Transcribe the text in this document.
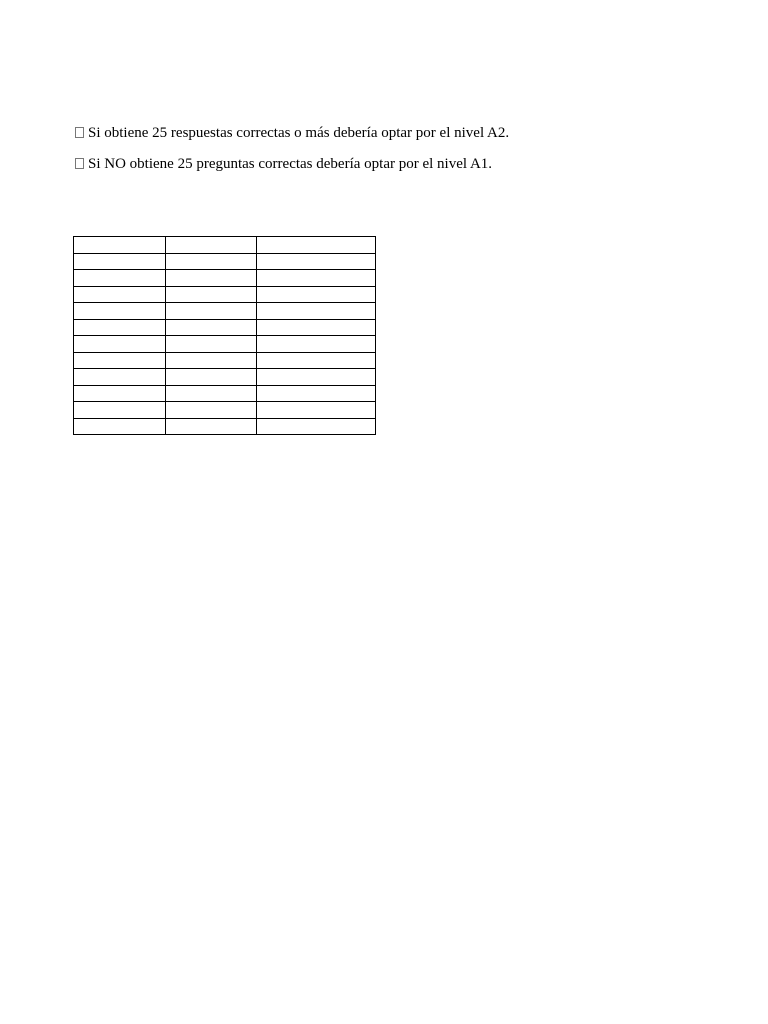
Si obtiene 25 respuestas correctas o más debería optar por el nivel A2.
Si NO obtiene 25 preguntas correctas debería optar por el nivel A1.
